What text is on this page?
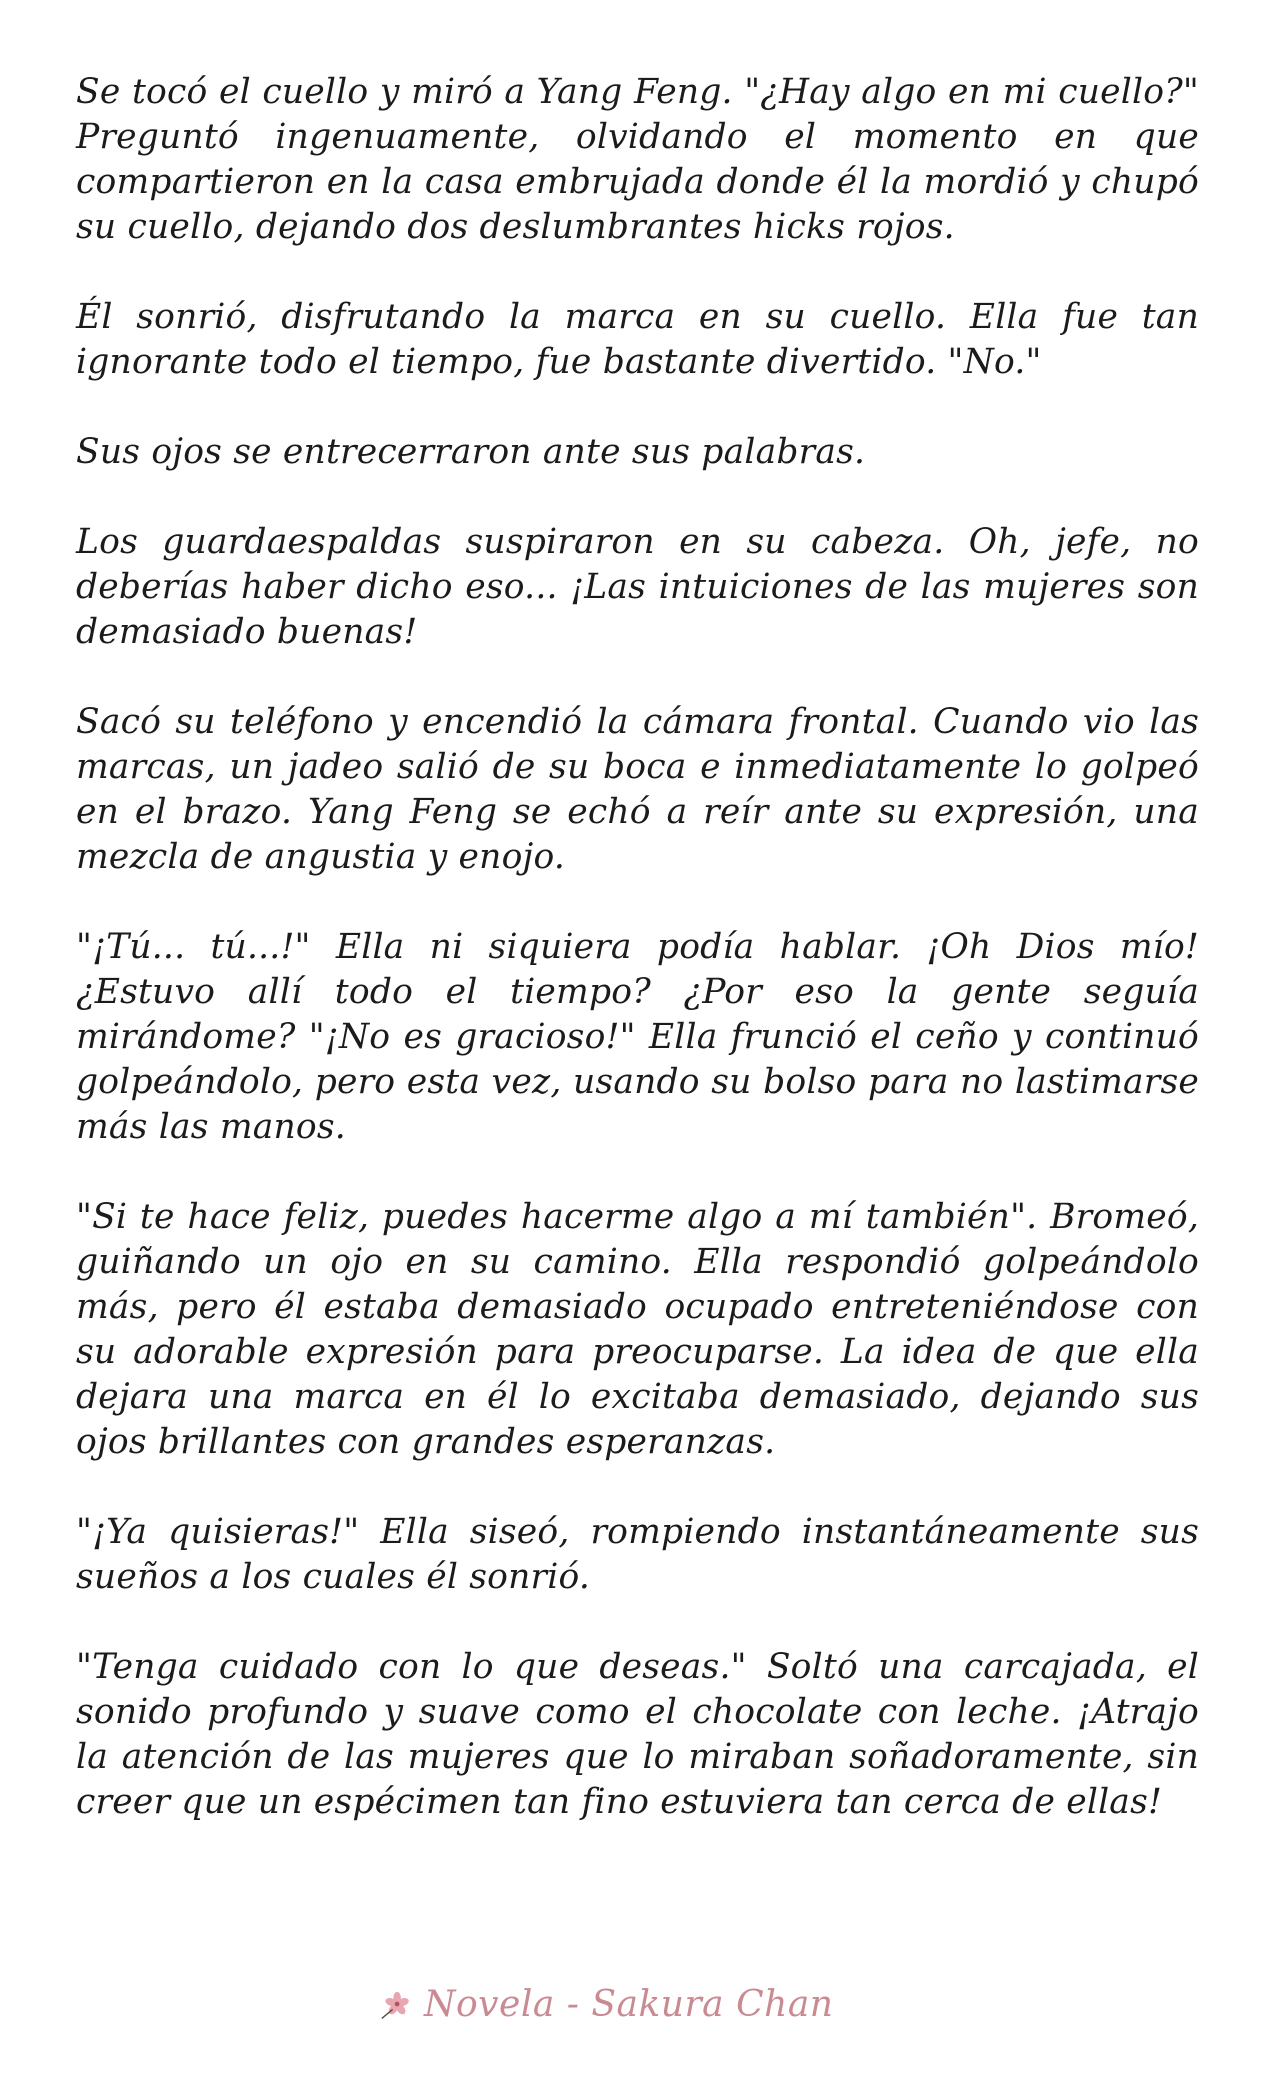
Se tocó el cuello y miró a Yang Feng. "¿Hay algo en mi cuello?" Preguntó ingenuamente, olvidando el momento en que compartieron en la casa embrujada donde él la mordió y chupó su cuello, dejando dos deslumbrantes hicks rojos.

Él sonrió, disfrutando la marca en su cuello. Ella fue tan ignorante todo el tiempo, fue bastante divertido. "No."

Sus ojos se entrecerraron ante sus palabras.

Los guardaespaldas suspiraron en su cabeza. Oh, jefe, no deberías haber dicho eso... ¡Las intuiciones de las mujeres son demasiado buenas!

Sacó su teléfono y encendió la cámara frontal. Cuando vio las marcas, un jadeo salió de su boca e inmediatamente lo golpeó en el brazo. Yang Feng se echó a reír ante su expresión, una mezcla de angustia y enojo.

"¡Tú... tú...!" Ella ni siquiera podía hablar. ¡Oh Dios mío! ¿Estuvo allí todo el tiempo? ¿Por eso la gente seguía mirándome? "¡No es gracioso!" Ella frunció el ceño y continuó golpeándolo, pero esta vez, usando su bolso para no lastimarse más las manos.

"Si te hace feliz, puedes hacerme algo a mí también". Bromeó, guiñando un ojo en su camino. Ella respondió golpeándolo más, pero él estaba demasiado ocupado entreteniéndose con su adorable expresión para preocuparse. La idea de que ella dejara una marca en él lo excitaba demasiado, dejando sus ojos brillantes con grandes esperanzas.

"¡Ya quisieras!" Ella siseó, rompiendo instantáneamente sus sueños a los cuales él sonrió.

"Tenga cuidado con lo que deseas." Soltó una carcajada, el sonido profundo y suave como el chocolate con leche. ¡Atrajo la atención de las mujeres que lo miraban soñadoramente, sin creer que un espécimen tan fino estuviera tan cerca de ellas!

Novela - Sakura Chan
